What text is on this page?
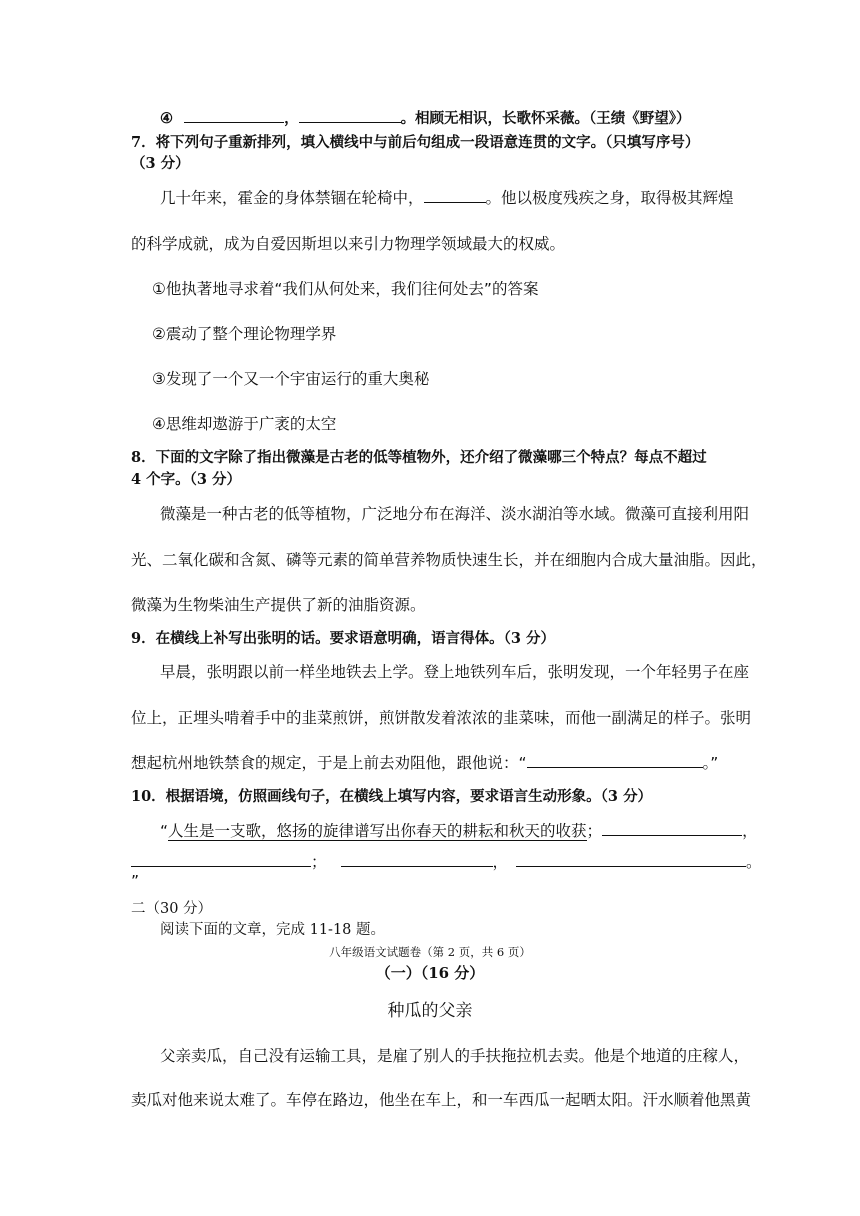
④	，	。相顾无相识，长歌怀采薇。（王绩《野望》）
7．将下列句子重新排列，填入横线中与前后句组成一段语意连贯的文字。（只填写序号）
（3 分）
几十年来，霍金的身体禁锢在轮椅中，	。他以极度残疾之身，取得极其辉煌
的科学成就，成为自爱因斯坦以来引力物理学领域最大的权威。
①他执著地寻求着“我们从何处来，我们往何处去”的答案
②震动了整个理论物理学界
③发现了一个又一个宇宙运行的重大奥秘
④思维却遨游于广袤的太空
8．下面的文字除了指出微藻是古老的低等植物外，还介绍了微藻哪三个特点？每点不超过
4 个字。（3 分）
微藻是一种古老的低等植物，广泛地分布在海洋、淡水湖泊等水域。微藻可直接利用阳
光、二氧化碳和含氮、磷等元素的简单营养物质快速生长，并在细胞内合成大量油脂。因此，
微藻为生物柴油生产提供了新的油脂资源。
9．在横线上补写出张明的话。要求语意明确，语言得体。（3 分）
早晨，张明跟以前一样坐地铁去上学。登上地铁列车后，张明发现，一个年轻男子在座
位上，正埋头啃着手中的韭菜煎饼，煎饼散发着浓浓的韭菜味，而他一副满足的样子。张明
想起杭州地铁禁食的规定，于是上前去劝阻他，跟他说：“	。”
10．根据语境，仿照画线句子，在横线上填写内容，要求语言生动形象。（3 分）
“人生是一支歌，悠扬的旋律谱写出你春天的耕耘和秋天的收获；	，
；	，	。
”
二（30 分）
阅读下面的文章，完成 11-18 题。
八年级语文试题卷（第 2 页，共 6 页）
（一）（16 分）
种瓜的父亲
父亲卖瓜，自己没有运输工具，是雇了别人的手扶拖拉机去卖。他是个地道的庄稼人，
卖瓜对他来说太难了。车停在路边，他坐在车上，和一车西瓜一起晒太阳。汗水顺着他黑黄
